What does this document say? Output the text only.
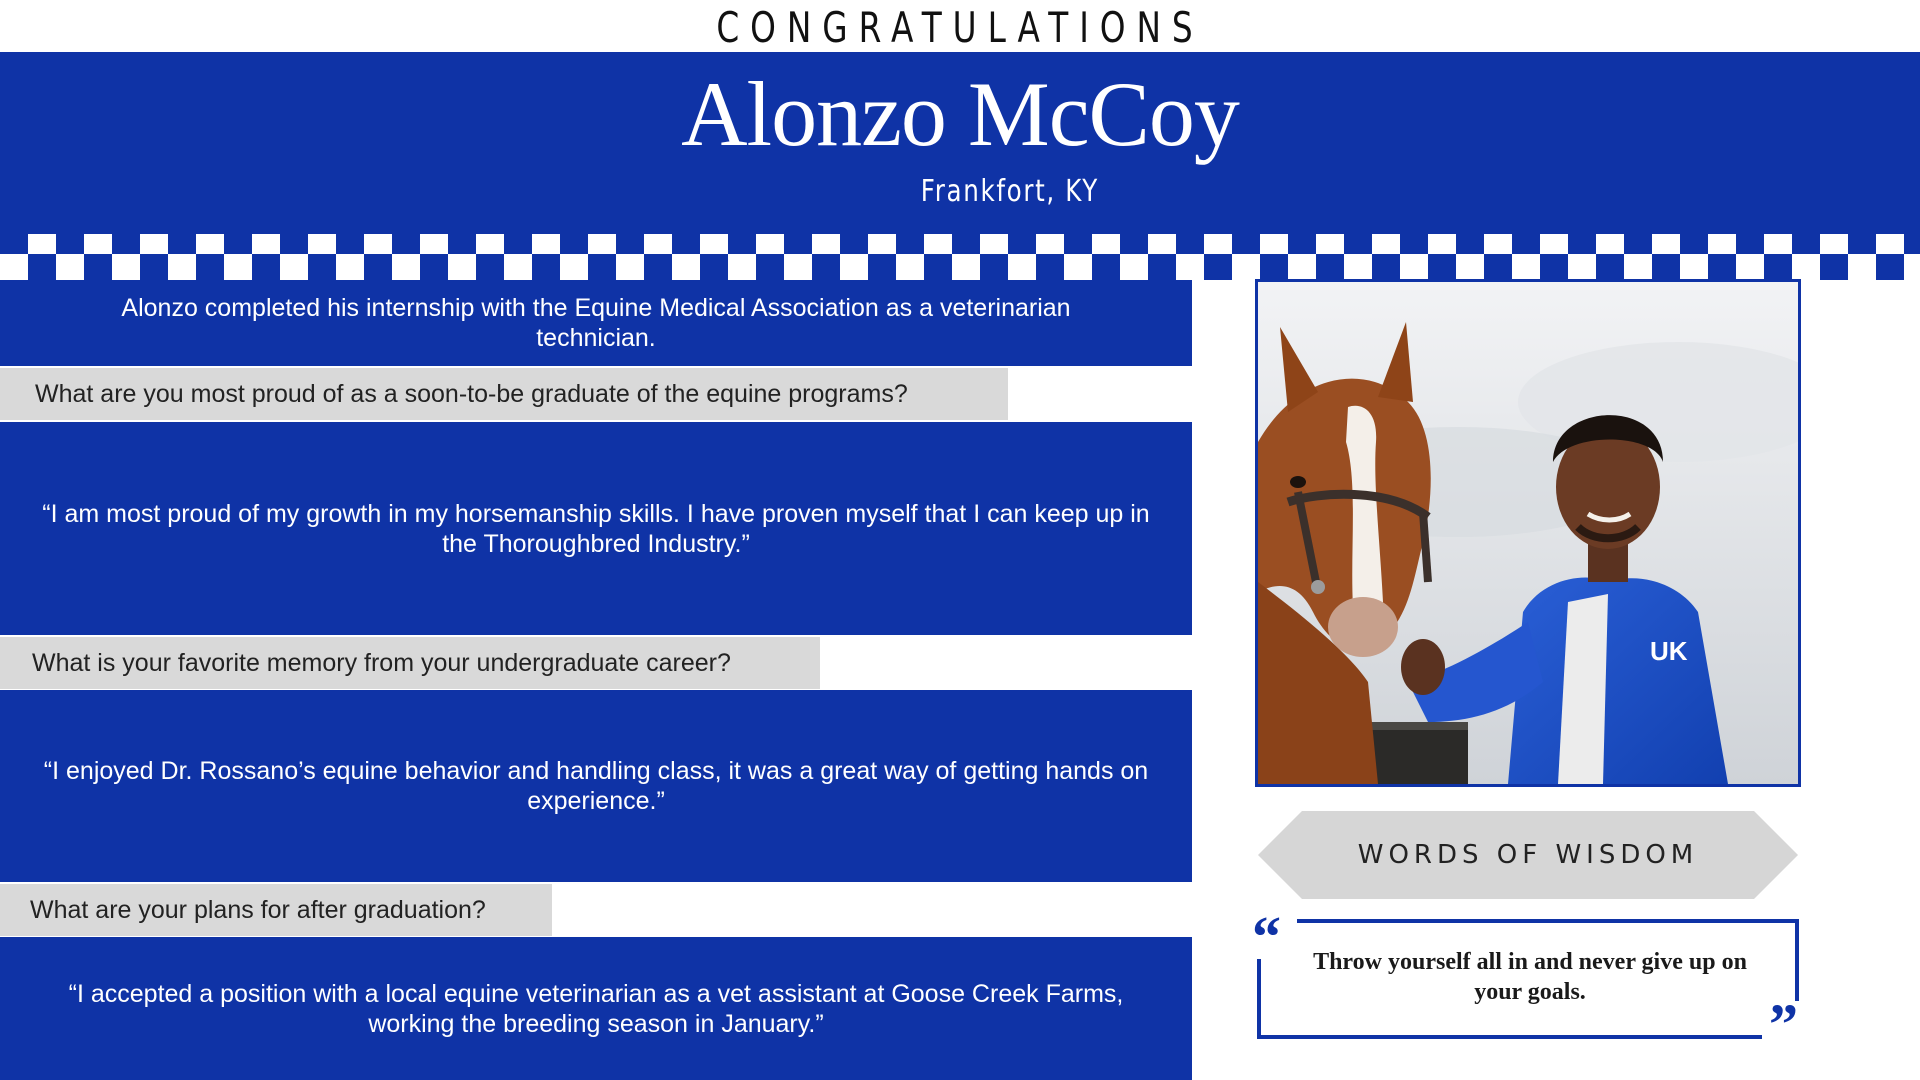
CONGRATULATIONS
Alonzo McCoy
Frankfort, KY
Alonzo completed his internship with the Equine Medical Association as a veterinarian technician.
What are you most proud of as a soon-to-be graduate of the equine programs?
“I am most proud of my growth in my horsemanship skills. I have proven myself that I can keep up in the Thoroughbred Industry.”
What is your favorite memory from your undergraduate career?
“I enjoyed Dr. Rossano’s equine behavior and handling class, it was a great way of getting hands on experience.”
What are your plans for after graduation?
“I accepted a position with a local equine veterinarian as a vet assistant at Goose Creek Farms, working the breeding season in January.”
UK
WORDS OF WISDOM
“	Throw yourself all in and never give up on your goals.	”
